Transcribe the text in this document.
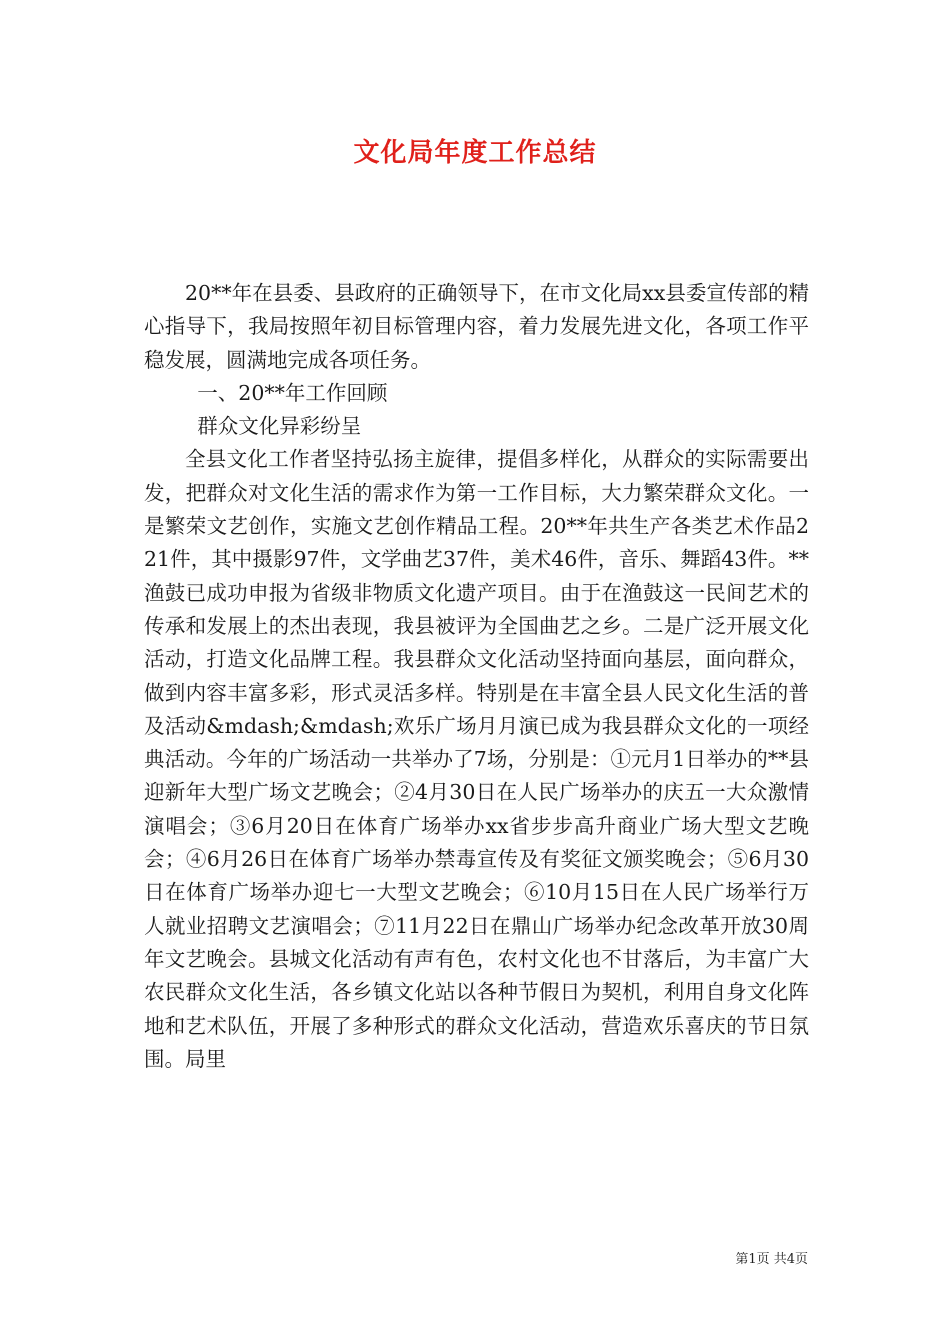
文化局年度工作总结

20**年在县委、县政府的正确领导下，在市文化局xx县委宣传部的精心指导下，我局按照年初目标管理内容，着力发展先进文化，各项工作平稳发展，圆满地完成各项任务。

一、20**年工作回顾

群众文化异彩纷呈

全县文化工作者坚持弘扬主旋律，提倡多样化，从群众的实际需要出发，把群众对文化生活的需求作为第一工作目标，大力繁荣群众文化。一是繁荣文艺创作，实施文艺创作精品工程。20**年共生产各类艺术作品221件，其中摄影97件，文学曲艺37件，美术46件，音乐、舞蹈43件。**渔鼓已成功申报为省级非物质文化遗产项目。由于在渔鼓这一民间艺术的传承和发展上的杰出表现，我县被评为全国曲艺之乡。二是广泛开展文化活动，打造文化品牌工程。我县群众文化活动坚持面向基层，面向群众，做到内容丰富多彩，形式灵活多样。特别是在丰富全县人民文化生活的普及活动&mdash;&mdash;欢乐广场月月演已成为我县群众文化的一项经典活动。今年的广场活动一共举办了7场，分别是：①元月1日举办的**县迎新年大型广场文艺晚会；②4月30日在人民广场举办的庆五一大众激情演唱会；③6月20日在体育广场举办xx省步步高升商业广场大型文艺晚会；④6月26日在体育广场举办禁毒宣传及有奖征文颁奖晚会；⑤6月30日在体育广场举办迎七一大型文艺晚会；⑥10月15日在人民广场举行万人就业招聘文艺演唱会；⑦11月22日在鼎山广场举办纪念改革开放30周年文艺晚会。县城文化活动有声有色，农村文化也不甘落后，为丰富广大农民群众文化生活，各乡镇文化站以各种节假日为契机，利用自身文化阵地和艺术队伍，开展了多种形式的群众文化活动，营造欢乐喜庆的节日氛围。局里

第1页 共4页
